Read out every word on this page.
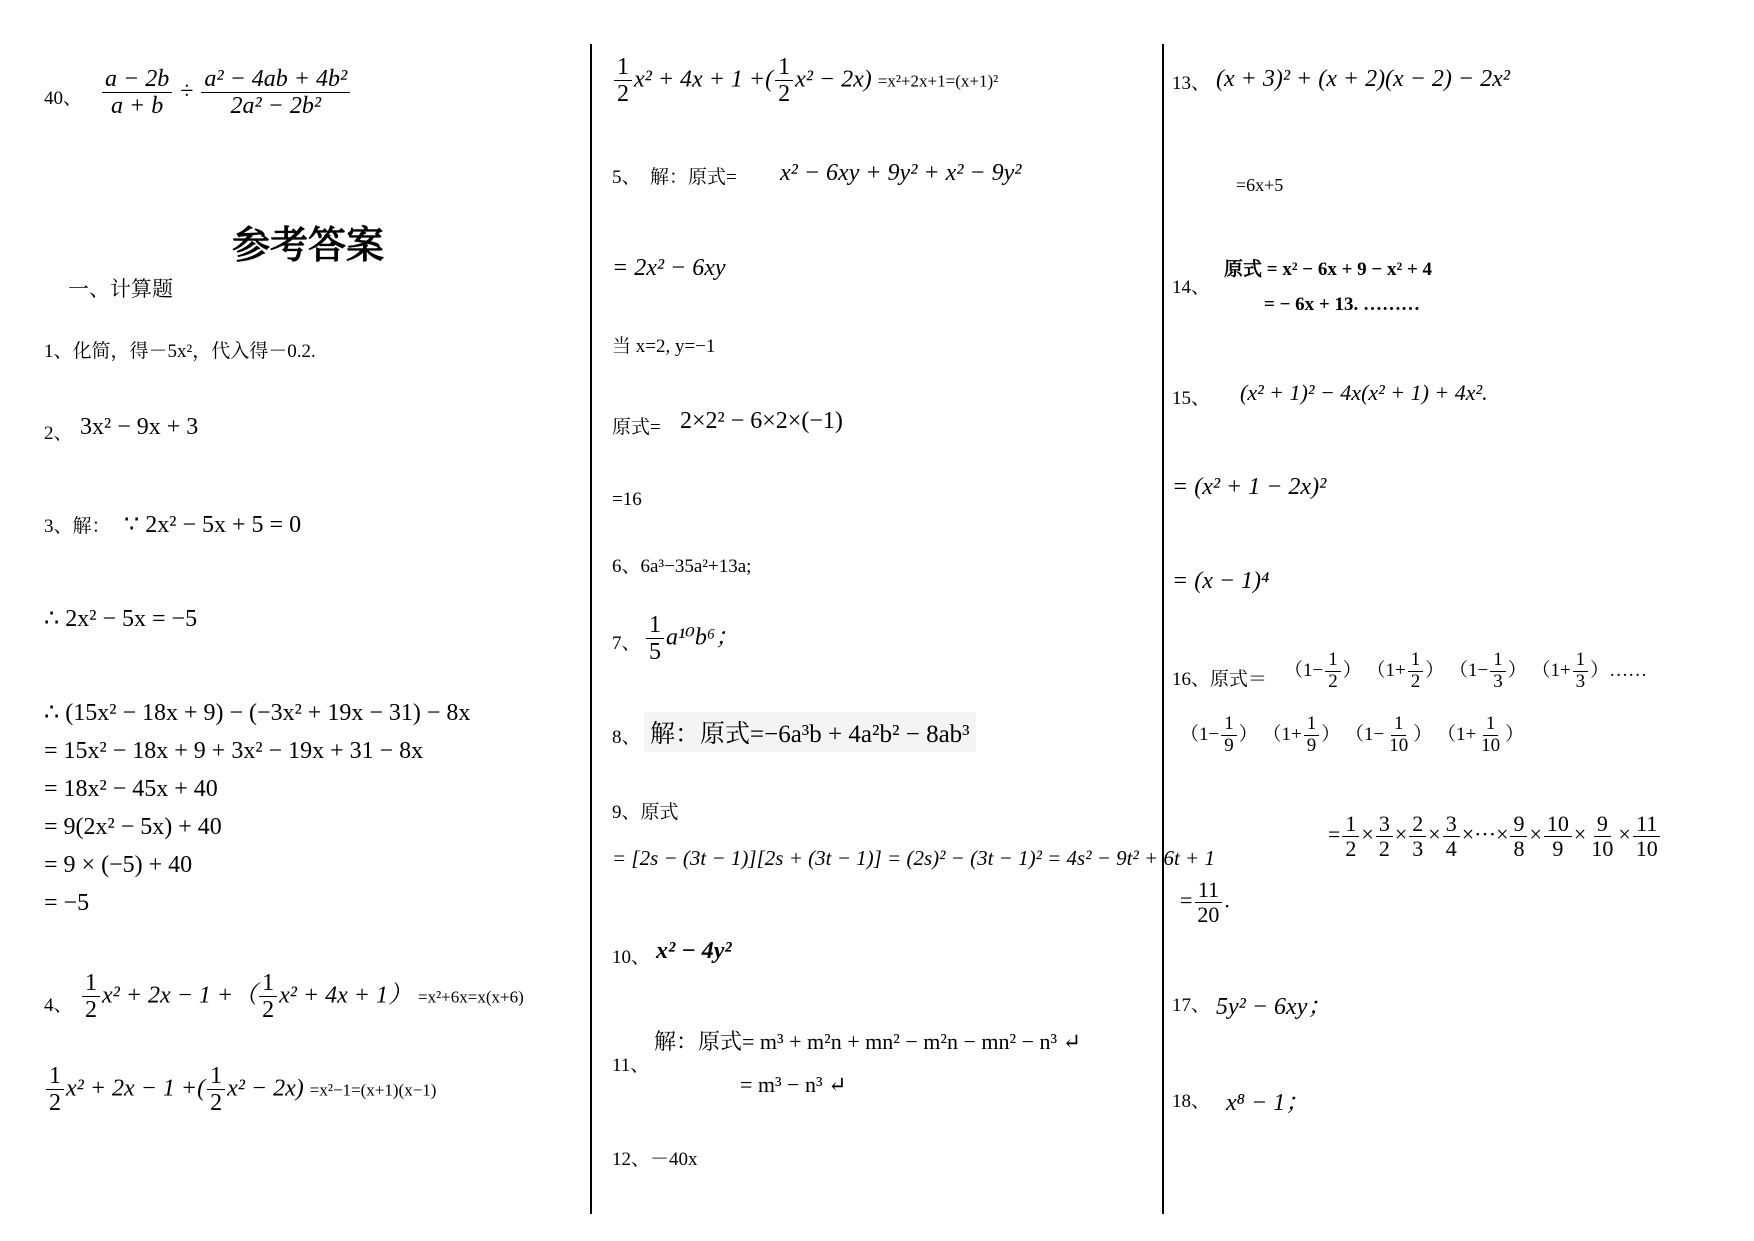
40、 $\frac{a - 2b}{a + b} \div \frac{\text{a² − 4ab + 4b²}}{\text{2a² − 2b²}}$
参考答案
一、计算题
1、化简，得－5x²，代入得－0.2.
2、 3x² − 9x + 3
3、解： ∵ 2x² − 5x + 5 = 0
∴ 2x² − 5x = −5
∴ (15x² − 18x + 9) − (−3x² + 19x − 31) − 8x
= 15x² − 18x + 9 + 3x² − 19x + 31 − 8x
= 18x² − 45x + 40
= 9(2x² − 5x) + 40
= 9 × (−5) + 40
= −5
4、 $\frac{1}{2} x^2 + 2x - 1$ +（ $\frac{1}{2} x^2 + 4x + 1) =x^2+6x=x(x+6)$
$\frac{1}{2} x^2 + 2x - 1$ +( $\frac{1}{2} x^2 - 2x) =x^2-1=(x+1)(x-1)$
$\frac{1}{2} x^2 + 4x + 1$ +( $\frac{1}{2} x^2 - 2x) =x^2+2x+1=(x+1)^2$
5、　解：原式= x² − 6xy + 9y² + x² − 9y²
= 2x² − 6xy
当 x=2, y=−1
原式= 2×2² − 6×2×(−1)
=16
6、6a³−35a²+13a;
7、 $\frac{1}{5} a^{10}b^6$；
8、 解：原式=−6a³b + 4a²b² − 8ab³
9、原式
= [2s − (3t − 1)][2s + (3t − 1)] = (2s)² − (3t − 1)² = 4s² − 9t² + 6t + 1
10、 x² − 4y²
11、
解：原式= m³ + m²n + mn² − m²n − mn² − n³ ↵
= m³ − n³ ↵
12、－40x
13、 (x + 3)² + (x + 2)(x − 2) − 2x²
=6x+5
14、
原式 = x² − 6x + 9 − x² + 4
= − 6x + 13. ………
15、 (x² + 1)² − 4x(x² + 1) + 4x².
= (x² + 1 − 2x)²
= (x − 1)⁴
16、原式＝ （$1- \frac{1}{2}$ ） （$1+ \frac{1}{2}$ ） （$1- \frac{1}{3}$ ） （$1+ \frac{1}{3}$ ）……
（$1- \frac{1}{9}$ ） （$1+ \frac{1}{9}$ ） （$1- \frac{1}{10}$ ） （$1+ \frac{1}{10}$ ）
= $\frac{1}{2} \times \frac{3}{2} \times \frac{2}{3} \times \frac{3}{4}$ ×···× $\frac{9}{8} \times \frac{10}{9} \times \frac{9}{10} \times \frac{11}{10}$
= $\frac{11}{20}$ .
17、 5y² − 6xy；
18、 x⁸ − 1；
